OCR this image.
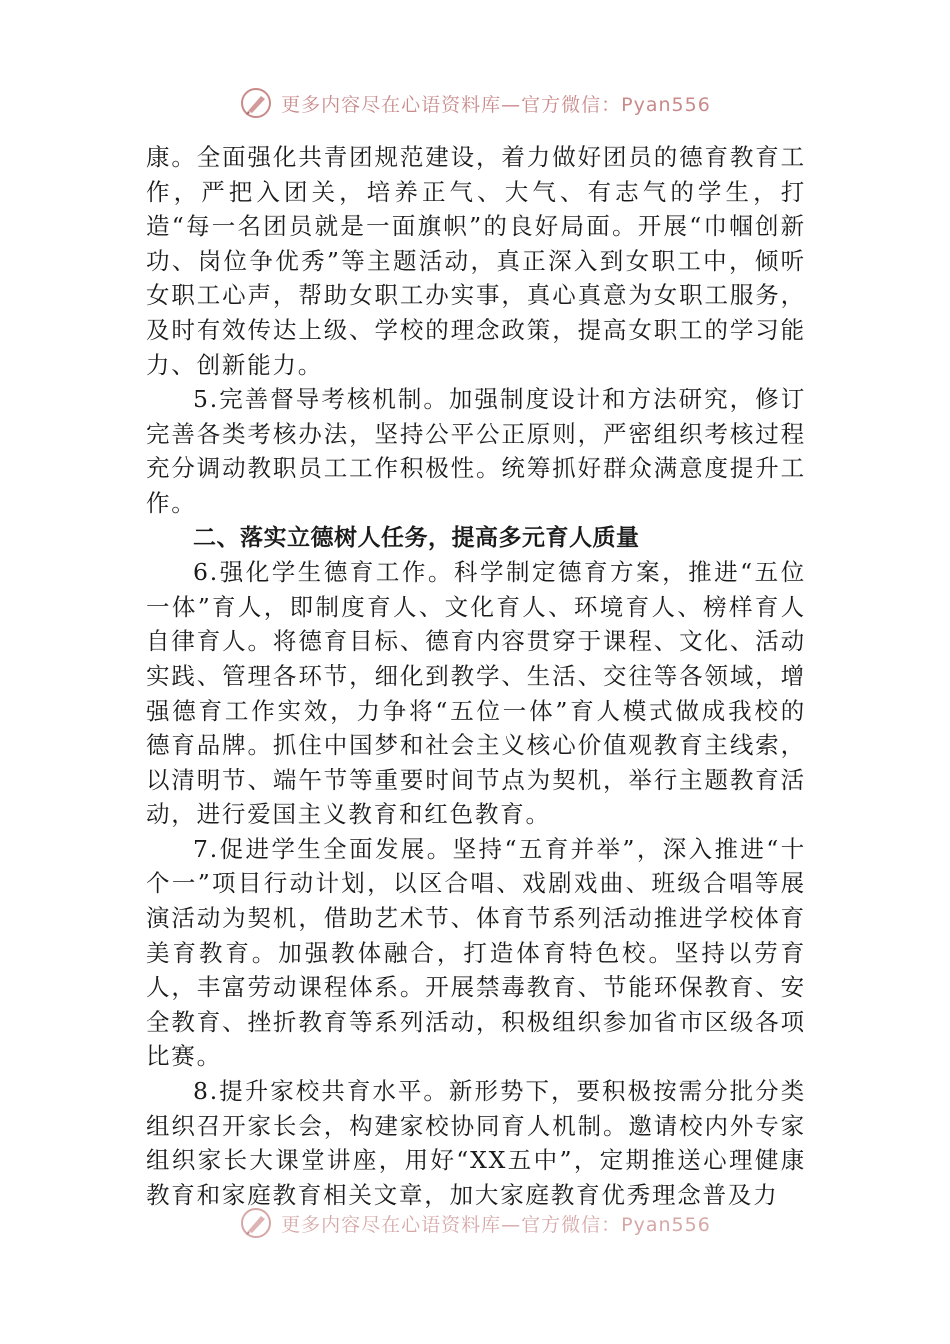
更多内容尽在心语资料库—官方微信：Pyan556

康。全面强化共青团规范建设，着力做好团员的德育教育工作，严把入团关，培养正气、大气、有志气的学生，打造“每一名团员就是一面旗帜”的良好局面。开展“巾帼创新功、岗位争优秀”等主题活动，真正深入到女职工中，倾听女职工心声，帮助女职工办实事，真心真意为女职工服务，及时有效传达上级、学校的理念政策，提高女职工的学习能力、创新能力。

5.完善督导考核机制。加强制度设计和方法研究，修订完善各类考核办法，坚持公平公正原则，严密组织考核过程充分调动教职员工工作积极性。统筹抓好群众满意度提升工作。

二、落实立德树人任务，提高多元育人质量

6.强化学生德育工作。科学制定德育方案，推进“五位一体”育人，即制度育人、文化育人、环境育人、榜样育人自律育人。将德育目标、德育内容贯穿于课程、文化、活动实践、管理各环节，细化到教学、生活、交往等各领域，增强德育工作实效，力争将“五位一体”育人模式做成我校的德育品牌。抓住中国梦和社会主义核心价值观教育主线索，以清明节、端午节等重要时间节点为契机，举行主题教育活动，进行爱国主义教育和红色教育。

7.促进学生全面发展。坚持“五育并举”，深入推进“十个一”项目行动计划，以区合唱、戏剧戏曲、班级合唱等展演活动为契机，借助艺术节、体育节系列活动推进学校体育美育教育。加强教体融合，打造体育特色校。坚持以劳育人，丰富劳动课程体系。开展禁毒教育、节能环保教育、安全教育、挫折教育等系列活动，积极组织参加省市区级各项比赛。

8.提升家校共育水平。新形势下，要积极按需分批分类组织召开家长会，构建家校协同育人机制。邀请校内外专家组织家长大课堂讲座，用好“XX五中”，定期推送心理健康教育和家庭教育相关文章，加大家庭教育优秀理念普及力

更多内容尽在心语资料库—官方微信：Pyan556
